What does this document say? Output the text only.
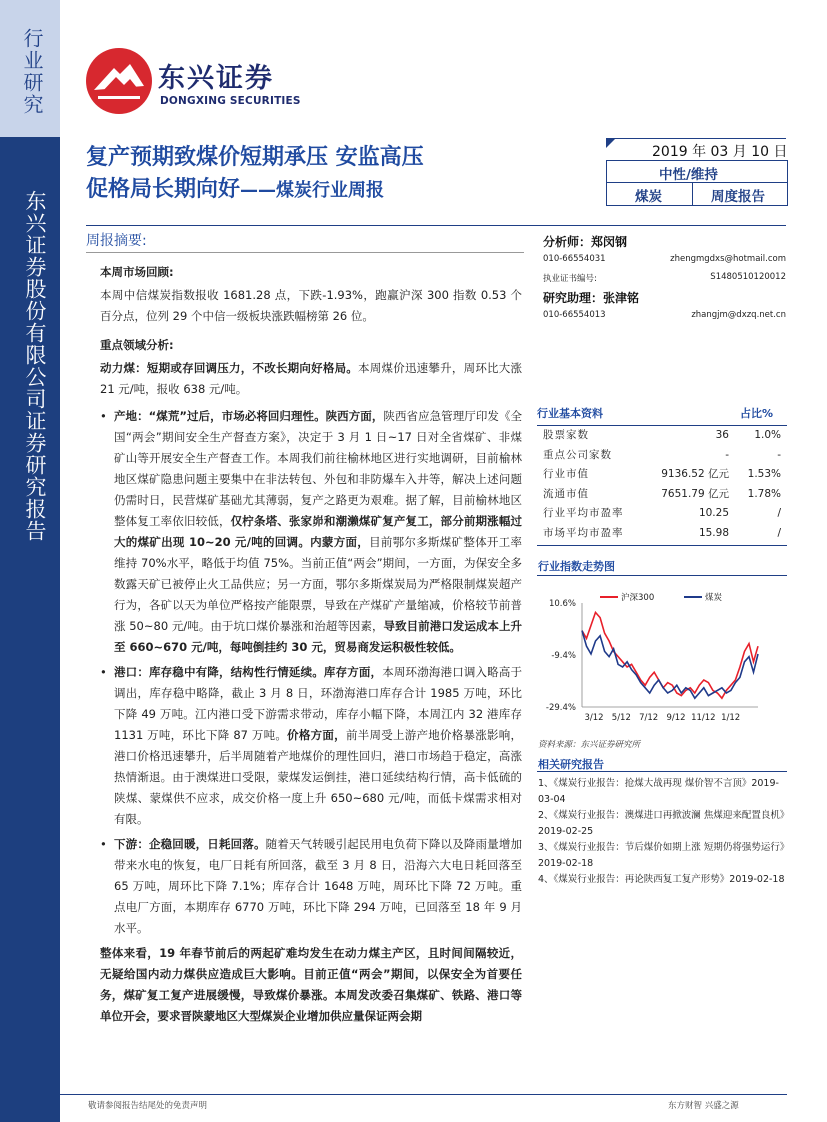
行业研究
东兴证券股份有限公司证券研究报告
东兴证券
DONGXING SECURITIES
复产预期致煤价短期承压 安监高压
促格局长期向好——煤炭行业周报
2019 年 03 月 10 日
中性/维持
煤炭	周度报告
周报摘要:
本周市场回顾:
本周中信煤炭指数报收 1681.28 点，下跌-1.93%，跑赢沪深 300 指数 0.53 个百分点，位列 29 个中信一级板块涨跌幅榜第 26 位。
重点领域分析:
动力煤：短期或存回调压力，不改长期向好格局。本周煤价迅速攀升，周环比大涨 21 元/吨，报收 638 元/吨。
• 产地：“煤荒”过后，市场必将回归理性。陕西方面，陕西省应急管理厅印发《全国“两会”期间安全生产督查方案》，决定于 3 月 1 日~17 日对全省煤矿、非煤矿山等开展安全生产督查工作。本周我们前往榆林地区进行实地调研，目前榆林地区煤矿隐患问题主要集中在非法转包、外包和非防爆车入井等，解决上述问题仍需时日，民营煤矿基础尤其薄弱，复产之路更为艰难。据了解，目前榆林地区整体复工率依旧较低，仅柠条塔、张家峁和潮濑煤矿复产复工，部分前期涨幅过大的煤矿出现 10~20 元/吨的回调。内蒙方面，目前鄂尔多斯煤矿整体开工率维持 70%水平，略低于均值 75%。当前正值“两会”期间，一方面，为保安全多数露天矿已被停止火工品供应；另一方面，鄂尔多斯煤炭局为严格限制煤炭超产行为，各矿以天为单位严格按产能限票，导致在产煤矿产量缩减，价格较节前普涨 50~80 元/吨。由于坑口煤价暴涨和治超等因素，导致目前港口发运成本上升至 660~670 元/吨，每吨倒挂约 30 元，贸易商发运积极性较低。
• 港口：库存稳中有降，结构性行情延续。库存方面，本周环渤海港口调入略高于调出，库存稳中略降，截止 3 月 8 日，环渤海港口库存合计 1985 万吨，环比下降 49 万吨。江内港口受下游需求带动，库存小幅下降，本周江内 32 港库存 1131 万吨，环比下降 87 万吨。价格方面，前半周受上游产地价格暴涨影响，港口价格迅速攀升，后半周随着产地煤价的理性回归，港口市场趋于稳定，高涨热情渐退。由于澳煤进口受限，蒙煤发运倒挂，港口延续结构行情，高卡低硫的陕煤、蒙煤供不应求，成交价格一度上升 650~680 元/吨，而低卡煤需求相对有限。
• 下游：企稳回暖，日耗回落。随着天气转暖引起民用电负荷下降以及降雨量增加带来水电的恢复，电厂日耗有所回落，截至 3 月 8 日，沿海六大电日耗回落至 65 万吨，周环比下降 7.1%；库存合计 1648 万吨，周环比下降 72 万吨。重点电厂方面，本期库存 6770 万吨，环比下降 294 万吨，已回落至 18 年 9 月水平。
整体来看，19 年春节前后的两起矿难均发生在动力煤主产区，且时间间隔较近，无疑给国内动力煤供应造成巨大影响。目前正值“两会”期间，以保安全为首要任务，煤矿复工复产进展缓慢，导致煤价暴涨。本周发改委召集煤矿、铁路、港口等单位开会，要求晋陕蒙地区大型煤炭企业增加供应量保证两会期
分析师：郑闵钢
010-66554031	zhengmgdxs@hotmail.com
执业证书编号:	S1480510120012
研究助理：张津铭
010-66554013	zhangjm@dxzq.net.cn
行业基本资料	占比%
股票家数	36 1.0%
重点公司家数	-	-
行业市值	9136.52 亿元 1.53%
流通市值	7651.79 亿元 1.78%
行业平均市盈率	10.25	/
市场平均市盈率	15.98	/
行业指数走势图
10.6%
-9.4%
-29.4%
3/12 5/12 7/12 9/12 11/12 1/12
沪深300	煤炭
资料来源：东兴证券研究所
相关研究报告
1、《煤炭行业报告：抢煤大战再现 煤价智不言顶》2019-03-04
2、《煤炭行业报告：澳煤进口再掀波澜 焦煤迎来配置良机》2019-02-25
3、《煤炭行业报告：节后煤价如期上涨 短期仍将强势运行》2019-02-18
4、《煤炭行业报告：再论陕西复工复产形势》2019-02-18
敬请参阅报告结尾处的免责声明	东方财智 兴盛之源
